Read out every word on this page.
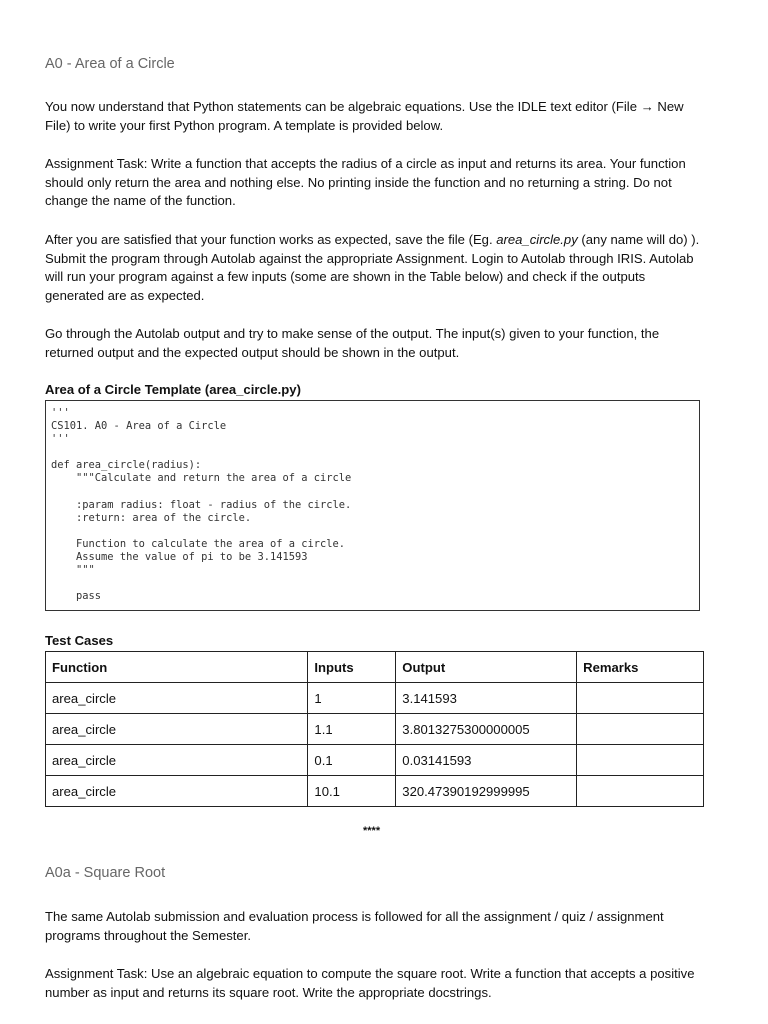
A0 - Area of a Circle

You now understand that Python statements can be algebraic equations. Use the IDLE text editor (File → New File) to write your first Python program. A template is provided below.

Assignment Task: Write a function that accepts the radius of a circle as input and returns its area. Your function should only return the area and nothing else. No printing inside the function and no returning a string. Do not change the name of the function.

After you are satisfied that your function works as expected, save the file (Eg. area_circle.py (any name will do) ). Submit the program through Autolab against the appropriate Assignment. Login to Autolab through IRIS. Autolab will run your program against a few inputs (some are shown in the Table below) and check if the outputs generated are as expected.

Go through the Autolab output and try to make sense of the output. The input(s) given to your function, the returned output and the expected output should be shown in the output.

Area of a Circle Template (area_circle.py)
'''
CS101. A0 - Area of a Circle
'''
def area_circle(radius):
"""Calculate and return the area of a circle
:param radius: float - radius of the circle.
:return: area of the circle.
Function to calculate the area of a circle.
Assume the value of pi to be 3.141593
"""
pass
Test Cases
Function	Inputs	Output	Remarks
area_circle	1	3.141593	
area_circle	1.1	3.8013275300000005	
area_circle	0.1	0.03141593	
area_circle	10.1	320.47390192999995	
****
A0a - Square Root

The same Autolab submission and evaluation process is followed for all the assignment / quiz / assignment programs throughout the Semester.

Assignment Task: Use an algebraic equation to compute the square root. Write a function that accepts a positive number as input and returns its square root. Write the appropriate docstrings.
